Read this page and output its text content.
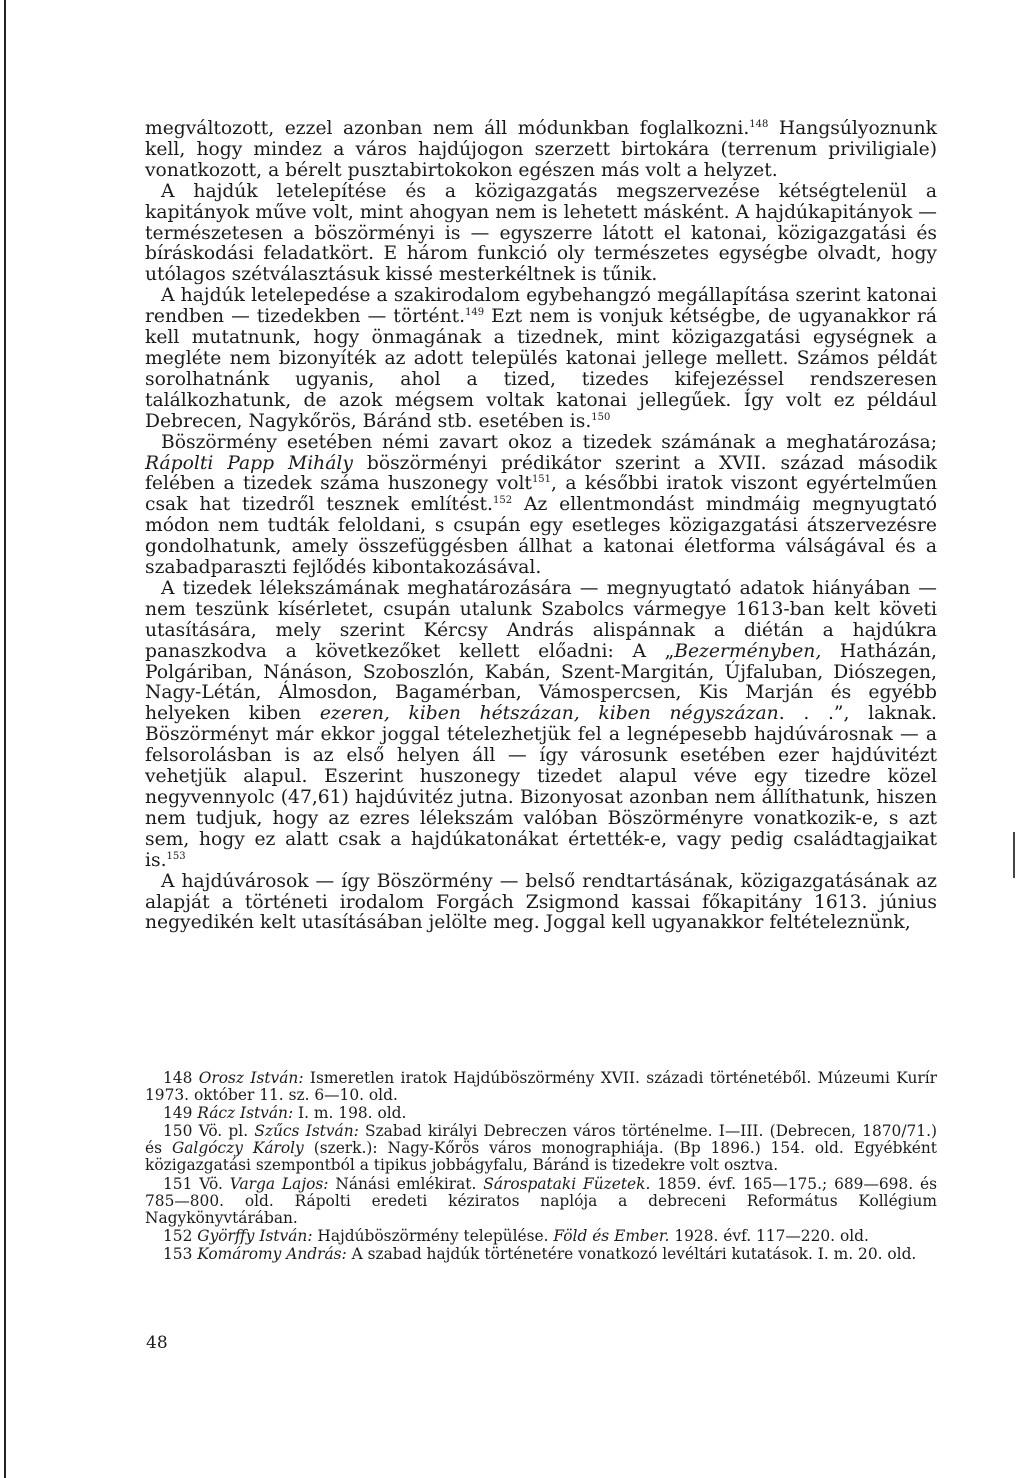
megváltozott, ezzel azonban nem áll módunkban foglalkozni.$^{148}$ Hangsúlyoznunk kell, hogy mindez a város hajdújogon szerzett birtokára (terrenum priviligiale) vonatkozott, a bérelt pusztabirtokokon egészen más volt a helyzet.

A hajdúk letelepítése és a közigazgatás megszervezése kétségtelenül a kapitányok műve volt, mint ahogyan nem is lehetett másként. A hajdúkapitányok — természetesen a böszörményi is — egyszerre látott el katonai, közigazgatási és bíráskodási feladatkört. E három funkció oly természetes egységbe olvadt, hogy utólagos szétválasztásuk kissé mesterkéltnek is tűnik.

A hajdúk letelepedése a szakirodalom egybehangzó megállapítása szerint katonai rendben — tizedekben — történt.$^{149}$ Ezt nem is vonjuk kétségbe, de ugyanakkor rá kell mutatnunk, hogy önmagának a tizednek, mint közigazgatási egységnek a megléte nem bizonyíték az adott település katonai jellege mellett. Számos példát sorolhatnánk ugyanis, ahol a tized, tizedes kifejezéssel rendszeresen találkozhatunk, de azok mégsem voltak katonai jellegűek. Így volt ez például Debrecen, Nagykőrös, Báránd stb. esetében is.$^{150}$

Böszörmény esetében némi zavart okoz a tizedek számának a meghatározása; Rápolti Papp Mihály böszörményi prédikátor szerint a XVII. század második felében a tizedek száma huszonegy volt$^{151}$, a későbbi iratok viszont egyértelműen csak hat tizedről tesznek említést.$^{152}$ Az ellentmondást mindmáig megnyugtató módon nem tudták feloldani, s csupán egy esetleges közigazgatási átszervezésre gondolhatunk, amely összefüggésben állhat a katonai életforma válságával és a szabadparaszti fejlődés kibontakozásával.

A tizedek lélekszámának meghatározására — megnyugtató adatok hiányában — nem teszünk kísérletet, csupán utalunk Szabolcs vármegye 1613-ban kelt követi utasítására, mely szerint Kércsy András alispánnak a diétán a hajdúkra panaszkodva a következőket kellett előadni: A „Bezerményben, Hatházán, Polgáriban, Nánáson, Szoboszlón, Kabán, Szent-Margitán, Újfaluban, Diószegen, Nagy-Létán, Álmosdon, Bagamérban, Vámospercsen, Kis Marján és egyébb helyeken kiben ezeren, kiben hétszázan, kiben négyszázan. . .”, laknak. Böszörményt már ekkor joggal tételezhetjük fel a legnépesebb hajdúvárosnak — a felsorolásban is az első helyen áll — így városunk esetében ezer hajdúvitézt vehetjük alapul. Eszerint huszonegy tizedet alapul véve egy tizedre közel negyvennyolc (47,61) hajdúvitéz jutna. Bizonyosat azonban nem állíthatunk, hiszen nem tudjuk, hogy az ezres lélekszám valóban Böszörményre vonatkozik-e, s azt sem, hogy ez alatt csak a hajdúkatonákat értették-e, vagy pedig családtagjaikat is.$^{153}$

A hajdúvárosok — így Böszörmény — belső rendtartásának, közigazgatásának az alapját a történeti irodalom Forgách Zsigmond kassai főkapitány 1613. június negyedikén kelt utasításában jelölte meg. Joggal kell ugyanakkor feltételeznünk,

148 Orosz István: Ismeretlen iratok Hajdúböszörmény XVII. századi történetéből. Múzeumi Kurír 1973. október 11. sz. 6—10. old.

149 Rácz István: I. m. 198. old.

150 Vö. pl. Szűcs István: Szabad királyi Debreczen város történelme. I—III. (Debrecen, 1870/71.) és Galgóczy Károly (szerk.): Nagy-Kőrös város monographiája. (Bp 1896.) 154. old. Egyébként közigazgatási szempontból a tipikus jobbágyfalu, Báránd is tizedekre volt osztva.

151 Vö. Varga Lajos: Nánási emlékirat. Sárospataki Füzetek. 1859. évf. 165—175.; 689—698. és 785—800. old. Rápolti eredeti kéziratos naplója a debreceni Református Kollégium Nagykönyvtárában.

152 Györffy István: Hajdúböszörmény települése. Föld és Ember. 1928. évf. 117—220. old.

153 Komáromy András: A szabad hajdúk történetére vonatkozó levéltári kutatások. I. m. 20. old.

48
